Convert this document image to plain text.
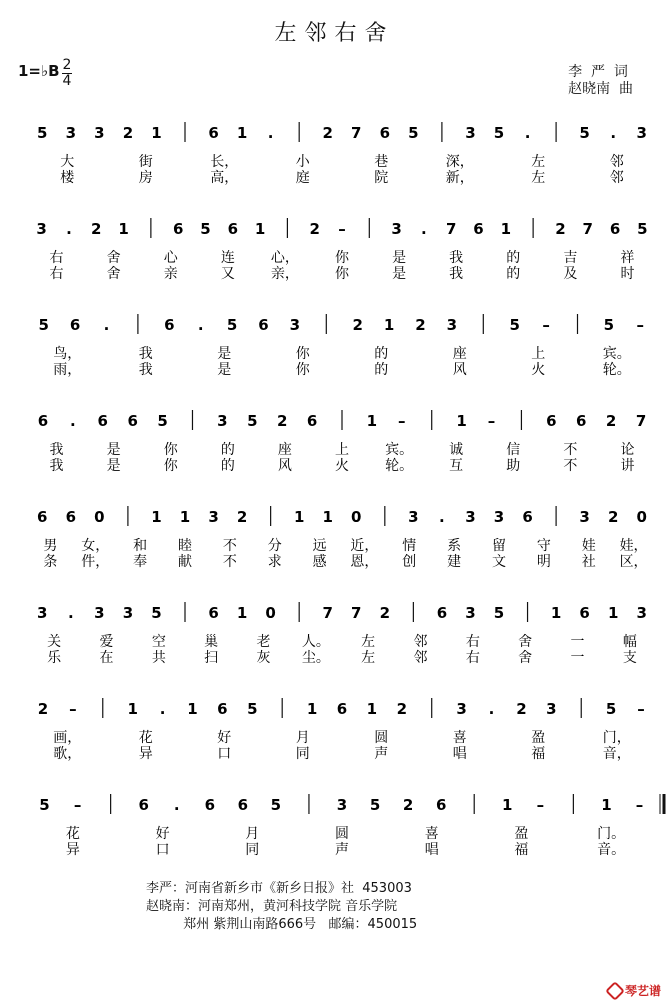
左邻右舍
1=♭B 2
4
李  严  词
赵晓南  曲
5 3 3 2 1	6 1 .	2 7 6 5	3 5 .	5 . 3
大	街	长，	小	巷	深，	左	邻
楼	房	高，	庭	院	新，	左	邻
3 . 2 1	6 5 6 1	2 –	3 . 7 6 1	2 7 6 5
右	舍	心	连	心，	你	是	我	的	吉	祥
右	舍	亲	又	亲，	你	是	我	的	及	时
5 6 .	6 . 5 6 3	2 1 2 3	5 –	5 –
鸟，	我	是	你	的	座	上	宾。
雨，	我	是	你	的	风	火	轮。
6 . 6 6 5	3 5 2 6	1 –	1 –	6 6 2 7
我	是	你	的	座	上	宾。	诚	信	不	论
我	是	你	的	风	火	轮。	互	助	不	讲
6 6 0	1 1 3 2	1 1 0	3 . 3 3 6	3 2 0
男 女， 和 睦 不 分 远 近， 情 系 留 守 娃 娃，
条 件， 奉 献 不 求 感 恩， 创 建 文 明 社 区，
3 . 3 3 5	6 1 0	7 7 2	6 3 5	1 6 1 3
关	爱	空	巢	老 人。 左	邻	右	舍	一	幅
乐	在	共	扫	灰 尘。 左	邻	右	舍	一	支
2 –	1 . 1 6 5	1 6 1 2	3 . 2 3	5 –
画，	花	好	月	圆	喜	盈	门，
歌，	异	口	同	声	唱	福	音，
5 –	6 . 6 6 5	3 5 2 6	1 –	1 –
花	好	月	圆	喜	盈	门。
异	口	同	声	唱	福	音。
李严：河南省新乡市《新乡日报》社  453003
赵晓南：河南郑州，黄河科技学院 音乐学院
郑州 紫荆山南路666号   邮编：450015
琴艺谱
